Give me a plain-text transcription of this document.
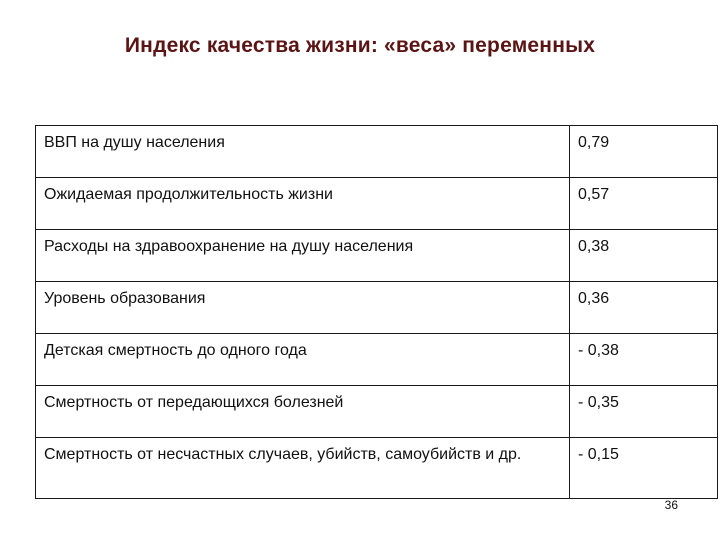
Индекс качества жизни: «веса» переменных
ВВП на душу населения	0,79
Ожидаемая продолжительность жизни	0,57
Расходы на здравоохранение на душу населения	0,38
Уровень образования	0,36
Детская смертность до одного года	- 0,38
Смертность от передающихся болезней	- 0,35
Смертность от несчастных случаев, убийств, самоубийств и др.	- 0,15
36
